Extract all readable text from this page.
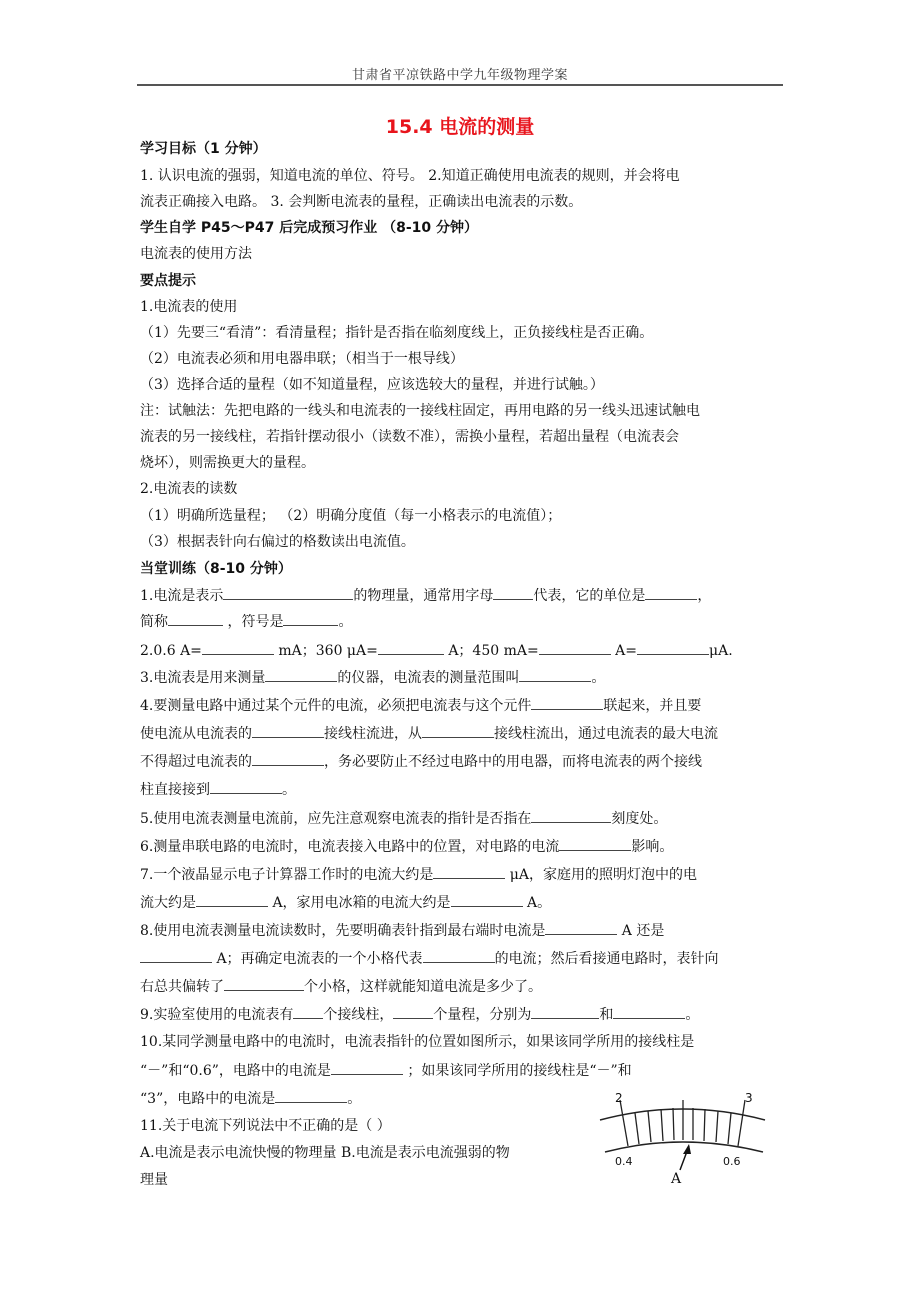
甘肃省平凉铁路中学九年级物理学案
15.4 电流的测量
学习目标（1 分钟）
1. 认识电流的强弱，知道电流的单位、符号。 2.知道正确使用电流表的规则，并会将电
流表正确接入电路。 3. 会判断电流表的量程，正确读出电流表的示数。
学生自学 P45～P47 后完成预习作业 （8-10 分钟）
电流表的使用方法
要点提示
1.电流表的使用
（1）先要三“看清”：看清量程；指针是否指在临刻度线上，正负接线柱是否正确。
（2）电流表必须和用电器串联；（相当于一根导线）
（3）选择合适的量程（如不知道量程，应该选较大的量程，并进行试触。）
注：试触法：先把电路的一线头和电流表的一接线柱固定，再用电路的另一线头迅速试触电
流表的另一接线柱，若指针摆动很小（读数不准），需换小量程，若超出量程（电流表会
烧坏），则需换更大的量程。
2.电流表的读数
（1）明确所选量程； （2）明确分度值（每一小格表示的电流值）；
（3）根据表针向右偏过的格数读出电流值。
当堂训练（8-10 分钟）
1.电流是表示	的物理量，通常用字母	代表，它的单位是	，
简称	，符号是	。
2.0.6 A=	mA；360 μA=	A；450 mA=	A=	μA.
3.电流表是用来测量	的仪器，电流表的测量范围叫	。
4.要测量电路中通过某个元件的电流，必须把电流表与这个元件	联起来，并且要
使电流从电流表的	接线柱流进，从	接线柱流出，通过电流表的最大电流
不得超过电流表的	，务必要防止不经过电路中的用电器，而将电流表的两个接线
柱直接接到	。
5.使用电流表测量电流前，应先注意观察电流表的指针是否指在	刻度处。
6.测量串联电路的电流时，电流表接入电路中的位置，对电路的电流	影响。
7.一个液晶显示电子计算器工作时的电流大约是	μA，家庭用的照明灯泡中的电
流大约是	A，家用电冰箱的电流大约是	A。
8.使用电流表测量电流读数时，先要明确表针指到最右端时电流是	A 还是
A；再确定电流表的一个小格代表	的电流；然后看接通电路时，表针向
右总共偏转了	个小格，这样就能知道电流是多少了。
9.实验室使用的电流表有 个接线柱，	个量程，分别为	和	。
10.某同学测量电路中的电流时，电流表指针的位置如图所示，如果该同学所用的接线柱是
“－”和“0.6”，电路中的电流是	；如果该同学所用的接线柱是“－”和
“3”，电路中的电流是	。
11.关于电流下列说法中不正确的是（ ）
A.电流是表示电流快慢的物理量 B.电流是表示电流强弱的物
理量
2	3
0.4	0.6
A
